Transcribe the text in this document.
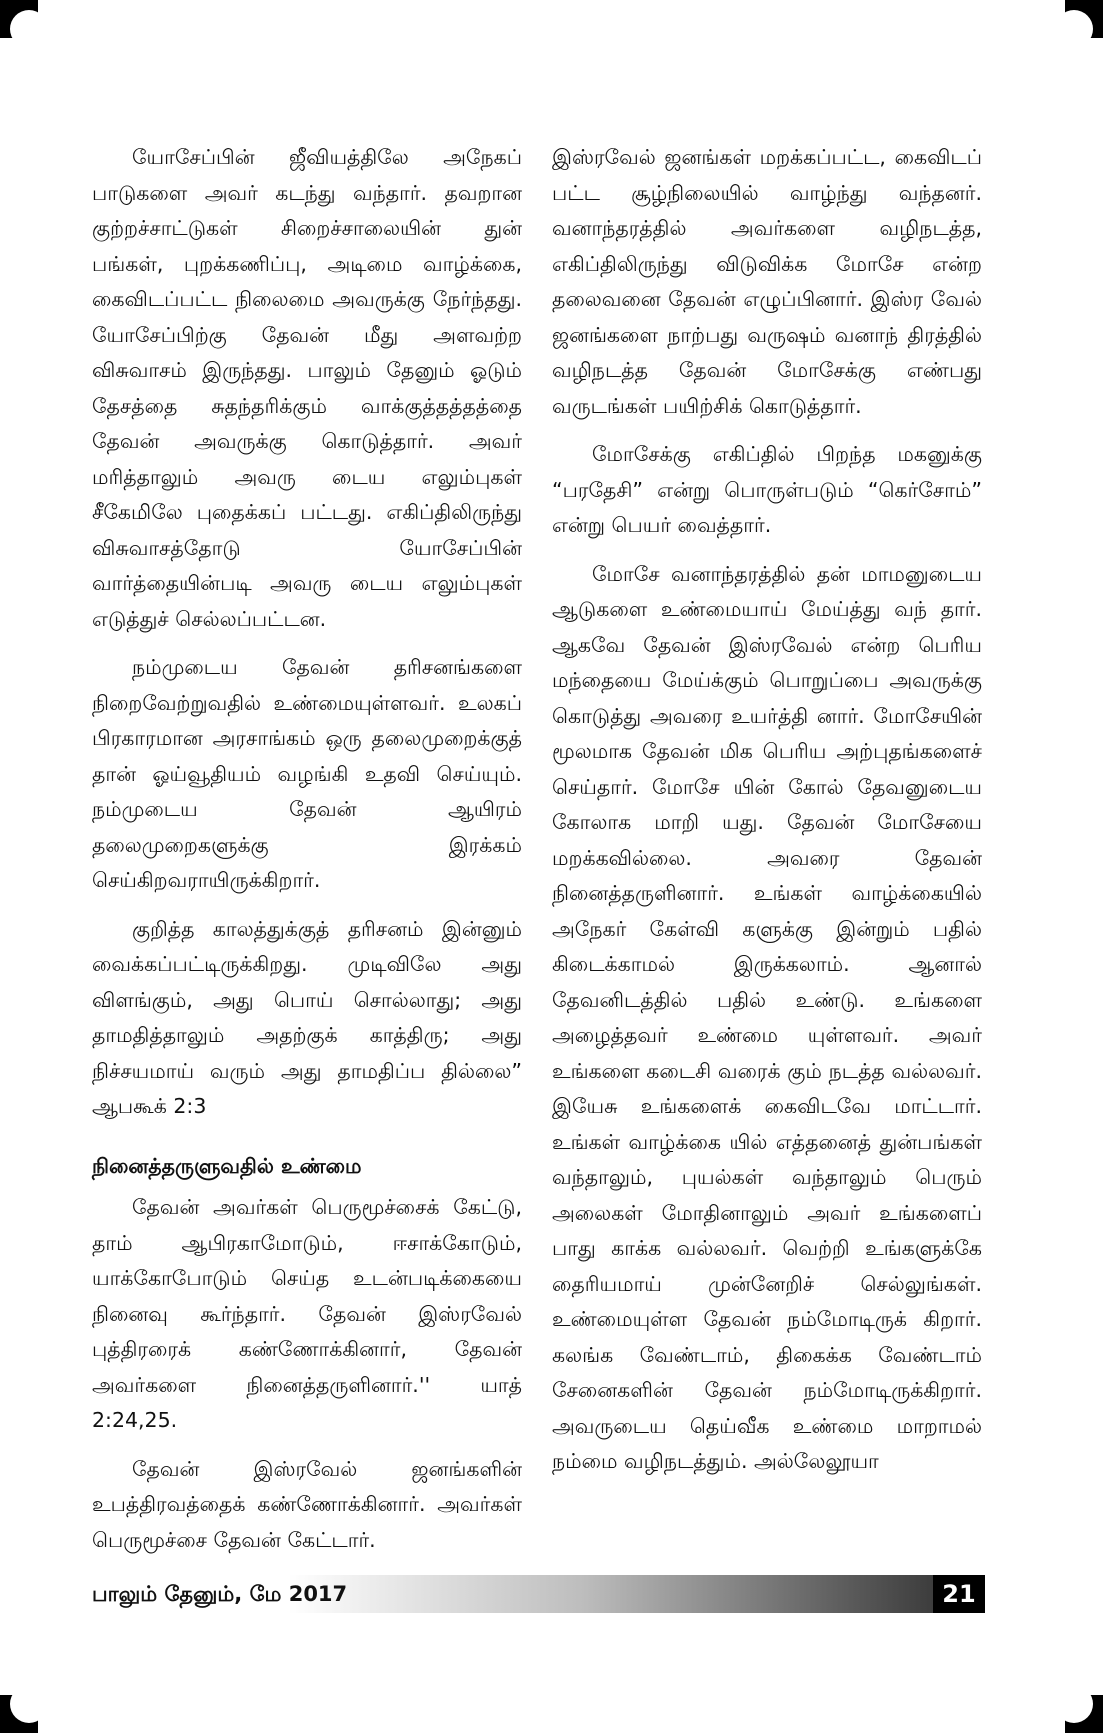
யோசேப்பின் ஜீவியத்திலே அநேகப் பாடுகளை அவர் கடந்து வந்தார். தவறான குற்றச்சாட்டுகள் சிறைச்சாலையின் துன் பங்கள், புறக்கணிப்பு, அடிமை வாழ்க்கை, கைவிடப்பட்ட நிலைமை அவருக்கு நேர்ந்தது. யோசேப்பிற்கு தேவன் மீது அளவற்ற விசுவாசம் இருந்தது. பாலும் தேனும் ஓடும் தேசத்தை சுதந்தரிக்கும் வாக்குத்தத்தத்தை தேவன் அவருக்கு கொடுத்தார். அவர் மரித்தாலும் அவரு டைய எலும்புகள் சீகேமிலே புதைக்கப் பட்டது. எகிப்திலிருந்து விசுவாசத்தோடு யோசேப்பின் வார்த்தையின்படி அவரு டைய எலும்புகள் எடுத்துச் செல்லப்பட்டன.

நம்முடைய தேவன் தரிசனங்களை நிறைவேற்றுவதில் உண்மையுள்ளவர். உலகப் பிரகாரமான அரசாங்கம் ஒரு தலைமுறைக்குத் தான் ஓய்வூதியம் வழங்கி உதவி செய்யும். நம்முடைய தேவன் ஆயிரம் தலைமுறைகளுக்கு இரக்கம் செய்கிறவராயிருக்கிறார்.

குறித்த காலத்துக்குத் தரிசனம் இன்னும் வைக்கப்பட்டிருக்கிறது. முடிவிலே அது விளங்கும், அது பொய் சொல்லாது; அது தாமதித்தாலும் அதற்குக் காத்திரு; அது நிச்சயமாய் வரும் அது தாமதிப்ப தில்லை” ஆபகூக் 2:3

நினைத்தருளுவதில் உண்மை

தேவன் அவர்கள் பெருமூச்சைக் கேட்டு, தாம் ஆபிரகாமோடும், ஈசாக்கோடும், யாக்கோபோடும் செய்த உடன்படிக்கையை நினைவு கூர்ந்தார். தேவன் இஸ்ரவேல் புத்திரரைக் கண்ணோக்கினார், தேவன் அவர்களை நினைத்தருளினார்.'' யாத் 2:24,25.

தேவன் இஸ்ரவேல் ஜனங்களின் உபத்திரவத்தைக் கண்ணோக்கினார். அவர்கள் பெருமூச்சை தேவன் கேட்டார்.

இஸ்ரவேல் ஜனங்கள் மறக்கப்பட்ட, கைவிடப் பட்ட சூழ்நிலையில் வாழ்ந்து வந்தனர். வனாந்தரத்தில் அவர்களை வழிநடத்த, எகிப்திலிருந்து விடுவிக்க மோசே என்ற தலைவனை தேவன் எழுப்பினார். இஸ்ர வேல் ஜனங்களை நாற்பது வருஷம் வனாந் திரத்தில் வழிநடத்த தேவன் மோசேக்கு எண்பது வருடங்கள் பயிற்சிக் கொடுத்தார்.

மோசேக்கு எகிப்தில் பிறந்த மகனுக்கு “பரதேசி” என்று பொருள்படும் “கெர்சோம்” என்று பெயர் வைத்தார்.

மோசே வனாந்தரத்தில் தன் மாமனுடைய ஆடுகளை உண்மையாய் மேய்த்து வந் தார். ஆகவே தேவன் இஸ்ரவேல் என்ற பெரிய மந்தையை மேய்க்கும் பொறுப்பை அவருக்கு கொடுத்து அவரை உயர்த்தி னார். மோசேயின் மூலமாக தேவன் மிக பெரிய அற்புதங்களைச் செய்தார். மோசே யின் கோல் தேவனுடைய கோலாக மாறி யது. தேவன் மோசேயை மறக்கவில்லை. அவரை தேவன் நினைத்தருளினார். உங்கள் வாழ்க்கையில் அநேகர் கேள்வி களுக்கு இன்றும் பதில் கிடைக்காமல் இருக்கலாம். ஆனால் தேவனிடத்தில் பதில் உண்டு. உங்களை அழைத்தவர் உண்மை யுள்ளவர். அவர் உங்களை கடைசி வரைக் கும் நடத்த வல்லவர். இயேசு உங்களைக் கைவிடவே மாட்டார். உங்கள் வாழ்க்கை யில் எத்தனைத் துன்பங்கள் வந்தாலும், புயல்கள் வந்தாலும் பெரும் அலைகள் மோதினாலும் அவர் உங்களைப் பாது காக்க வல்லவர். வெற்றி உங்களுக்கே தைரியமாய் முன்னேறிச் செல்லுங்கள். உண்மையுள்ள தேவன் நம்மோடிருக் கிறார். கலங்க வேண்டாம், திகைக்க வேண்டாம் சேனைகளின் தேவன் நம்மோடிருக்கிறார். அவருடைய தெய்வீக உண்மை மாறாமல் நம்மை வழிநடத்தும். அல்லேலூயா

பாலும் தேனும், மே 2017	21
